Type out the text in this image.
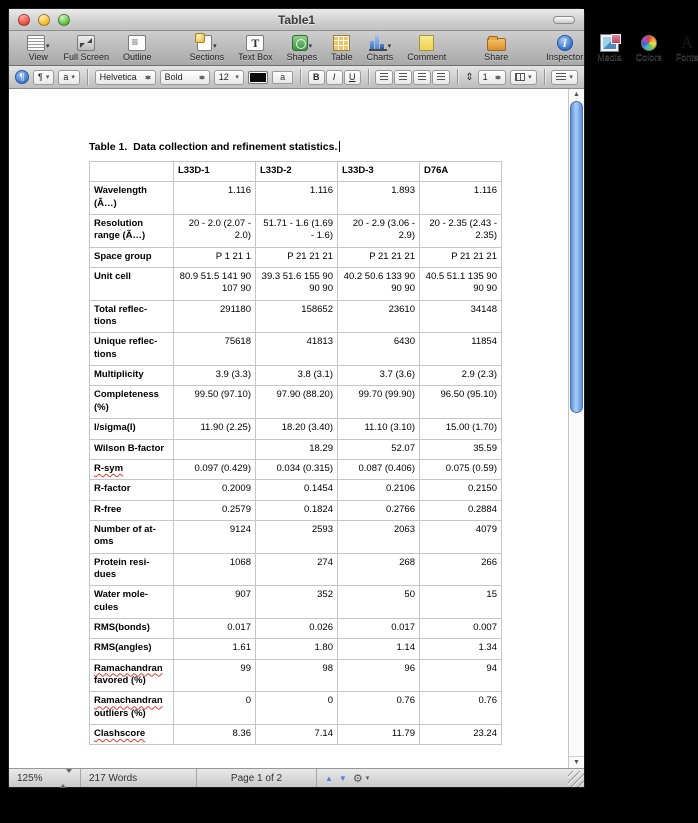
Table1
▾
View Full Screen
≡ Outline
▾
Sections
T Text Box
▾
Shapes Table
▾
Charts Comment	Share
i	Inspector Media Colors
A Fonts
¶
¶ ▾ a ▾	Helvetica	Bold	12 ▾	a	B	I	U	⇕ 1	▾	▾

Table 1.  Data collection and refinement statistics.

	L33D-1	L33D-2	L33D-3	D76A
Wavelength (Ã…)	1.116	1.116	1.893	1.116
Resolution range (Ã…)	20 - 2.0 (2.07 - 2.0)	51.71 - 1.6 (1.69 - 1.6)	20 - 2.9 (3.06 - 2.9)	20 - 2.35 (2.43 - 2.35)
Space group	P 1 21 1	P 21 21 21	P 21 21 21	P 21 21 21
Unit cell	80.9 51.5 141 90 107 90	39.3 51.6 155 90 90 90	40.2 50.6 133 90 90 90	40.5 51.1 135 90 90 90
Total reflec-tions	291180	158652	23610	34148
Unique reflec-tions	75618	41813	6430	11854
Multiplicity	3.9 (3.3)	3.8 (3.1)	3.7 (3.6)	2.9 (2.3)
Completeness (%)	99.50 (97.10)	97.90 (88.20)	99.70 (99.90)	96.50 (95.10)
I/sigma(I)	11.90 (2.25)	18.20 (3.40)	11.10 (3.10)	15.00 (1.70)
Wilson B-factor		18.29	52.07	35.59
R-sym	0.097 (0.429)	0.034 (0.315)	0.087 (0.406)	0.075 (0.59)
R-factor	0.2009	0.1454	0.2106	0.2150
R-free	0.2579	0.1824	0.2766	0.2884
Number of at-oms	9124	2593	2063	4079
Protein resi-dues	1068	274	268	266
Water mole-cules	907	352	50	15
RMS(bonds)	0.017	0.026	0.017	0.007
RMS(angles)	1.61	1.80	1.14	1.34
Ramachandran favored (%)	99	98	96	94
Ramachandran outliers (%)	0	0	0.76	0.76
Clashscore	8.36	7.14	11.79	23.24
▲
▼
125%	217 Words	Page 1 of 2	▲ ▼ ⚙ ▾
